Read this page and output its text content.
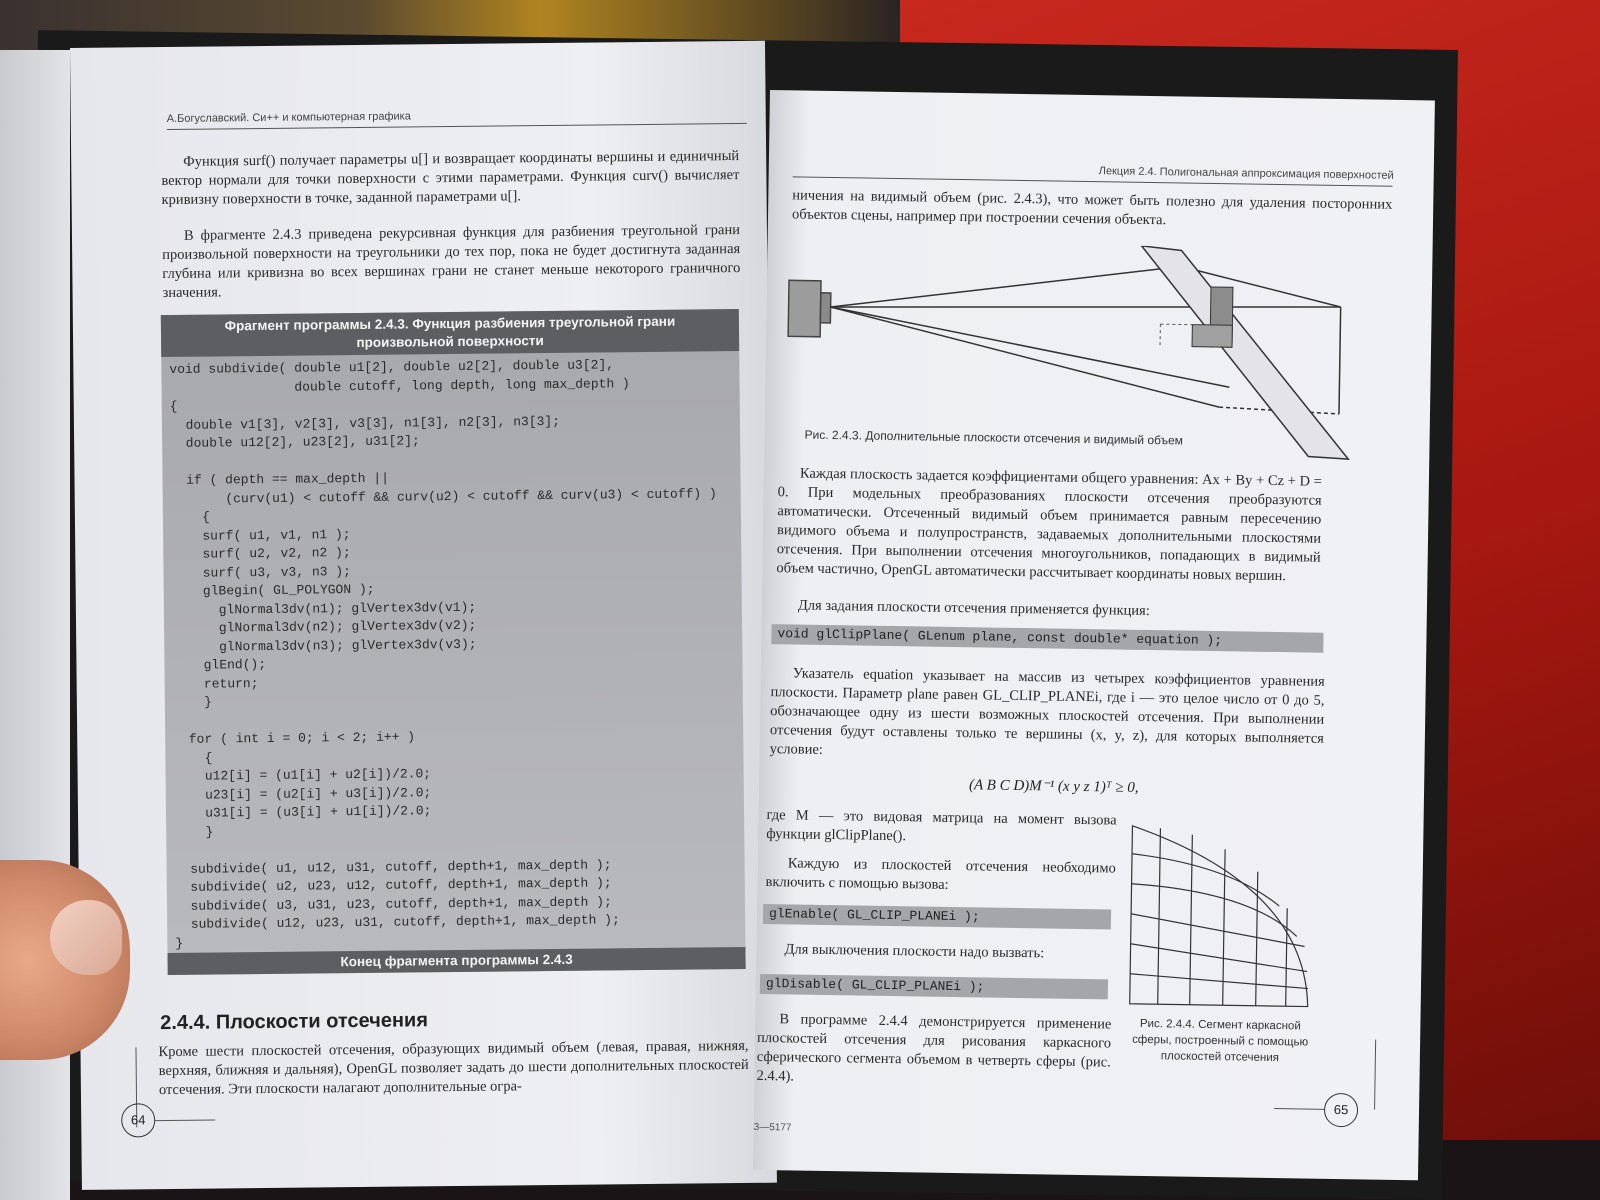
А.Богуславский. Си++ и компьютерная графика
Функция surf() получает параметры u[] и возвращает координаты вершины и единичный вектор нормали для точки поверхности с этими параметрами. Функция curv() вычисляет кривизну поверхности в точке, заданной параметрами u[].
В фрагменте 2.4.3 приведена рекурсивная функция для разбиения треугольной грани произвольной поверхности на треугольники до тех пор, пока не будет достигнута заданная глубина или кривизна во всех вершинах грани не станет меньше некоторого граничного значения.
Фрагмент программы 2.4.3. Функция разбиения треугольной грани
произвольной поверхности
void subdivide( double u1[2], double u2[2], double u3[2],
double cutoff, long depth, long max_depth )
{
double v1[3], v2[3], v3[3], n1[3], n2[3], n3[3];
double u12[2], u23[2], u31[2];

if ( depth == max_depth ||
(curv(u1) < cutoff && curv(u2) < cutoff && curv(u3) < cutoff) )
{
surf( u1, v1, n1 );
surf( u2, v2, n2 );
surf( u3, v3, n3 );
glBegin( GL_POLYGON );
glNormal3dv(n1); glVertex3dv(v1);
glNormal3dv(n2); glVertex3dv(v2);
glNormal3dv(n3); glVertex3dv(v3);
glEnd();
return;
}

for ( int i = 0; i < 2; i++ )
{
u12[i] = (u1[i] + u2[i])/2.0;
u23[i] = (u2[i] + u3[i])/2.0;
u31[i] = (u3[i] + u1[i])/2.0;
}

subdivide( u1, u12, u31, cutoff, depth+1, max_depth );
subdivide( u2, u23, u12, cutoff, depth+1, max_depth );
subdivide( u3, u31, u23, cutoff, depth+1, max_depth );
subdivide( u12, u23, u31, cutoff, depth+1, max_depth );
}
Конец фрагмента программы 2.4.3
2.4.4. Плоскости отсечения
Кроме шести плоскостей отсечения, образующих видимый объем (левая, правая, нижняя, верхняя, ближняя и дальняя), OpenGL позволяет задать до шести дополнительных плоскостей отсечения. Эти плоскости налагают дополнительные огра-
64
Лекция 2.4. Полигональная аппроксимация поверхностей
ничения на видимый объем (рис. 2.4.3), что может быть полезно для удаления посторонних объектов сцены, например при построении сечения объекта.
Рис. 2.4.3. Дополнительные плоскости отсечения и видимый объем
Каждая плоскость задается коэффициентами общего уравнения: Ax + By + Cz + D = 0. При модельных преобразованиях плоскости отсечения преобразуются автоматически. Отсеченный видимый объем принимается равным пересечению видимого объема и полупространств, задаваемых дополнительными плоскостями отсечения. При выполнении отсечения многоугольников, попадающих в видимый объем частично, OpenGL автоматически рассчитывает координаты новых вершин.
Для задания плоскости отсечения применяется функция:
void glClipPlane( GLenum plane, const double* equation );
Указатель equation указывает на массив из четырех коэффициентов уравнения плоскости. Параметр plane равен GL_CLIP_PLANEi, где i — это целое число от 0 до 5, обозначающее одну из шести возможных плоскостей отсечения. При выполнении отсечения будут оставлены только те вершины (x, y, z), для которых выполняется условие:
(A B C D)M⁻¹ (x y z 1)ᵀ ≥ 0,
где M — это видовая матрица на момент вызова функции glClipPlane().
Каждую из плоскостей отсечения необходимо включить с помощью вызова:
glEnable( GL_CLIP_PLANEi );
Для выключения плоскости надо вызвать:
glDisable( GL_CLIP_PLANEi );
В программе 2.4.4 демонстрируется применение плоскостей отсечения для рисования каркасного сферического сегмента объемом в четверть сферы (рис. 2.4.4).
Рис. 2.4.4. Сегмент каркасной сферы, построенный с помощью плоскостей отсечения
3—5177
65
